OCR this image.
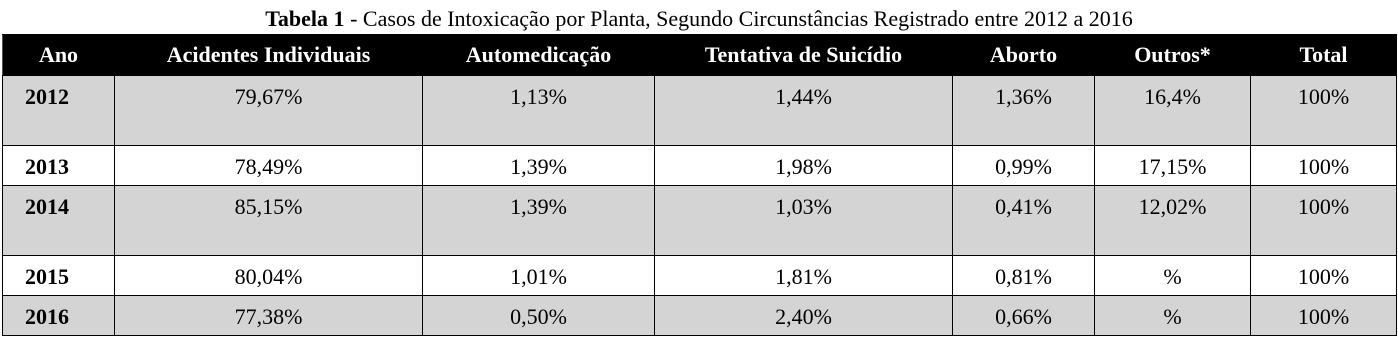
Tabela 1 - Casos de Intoxicação por Planta, Segundo Circunstâncias Registrado entre 2012 a 2016
Ano	Acidentes Individuais	Automedicação	Tentativa de Suicídio	Aborto	Outros*	Total
2012	79,67%	1,13%	1,44%	1,36%	16,4%	100%
2013	78,49%	1,39%	1,98%	0,99%	17,15%	100%
2014	85,15%	1,39%	1,03%	0,41%	12,02%	100%
2015	80,04%	1,01%	1,81%	0,81%	%	100%
2016	77,38%	0,50%	2,40%	0,66%	%	100%
